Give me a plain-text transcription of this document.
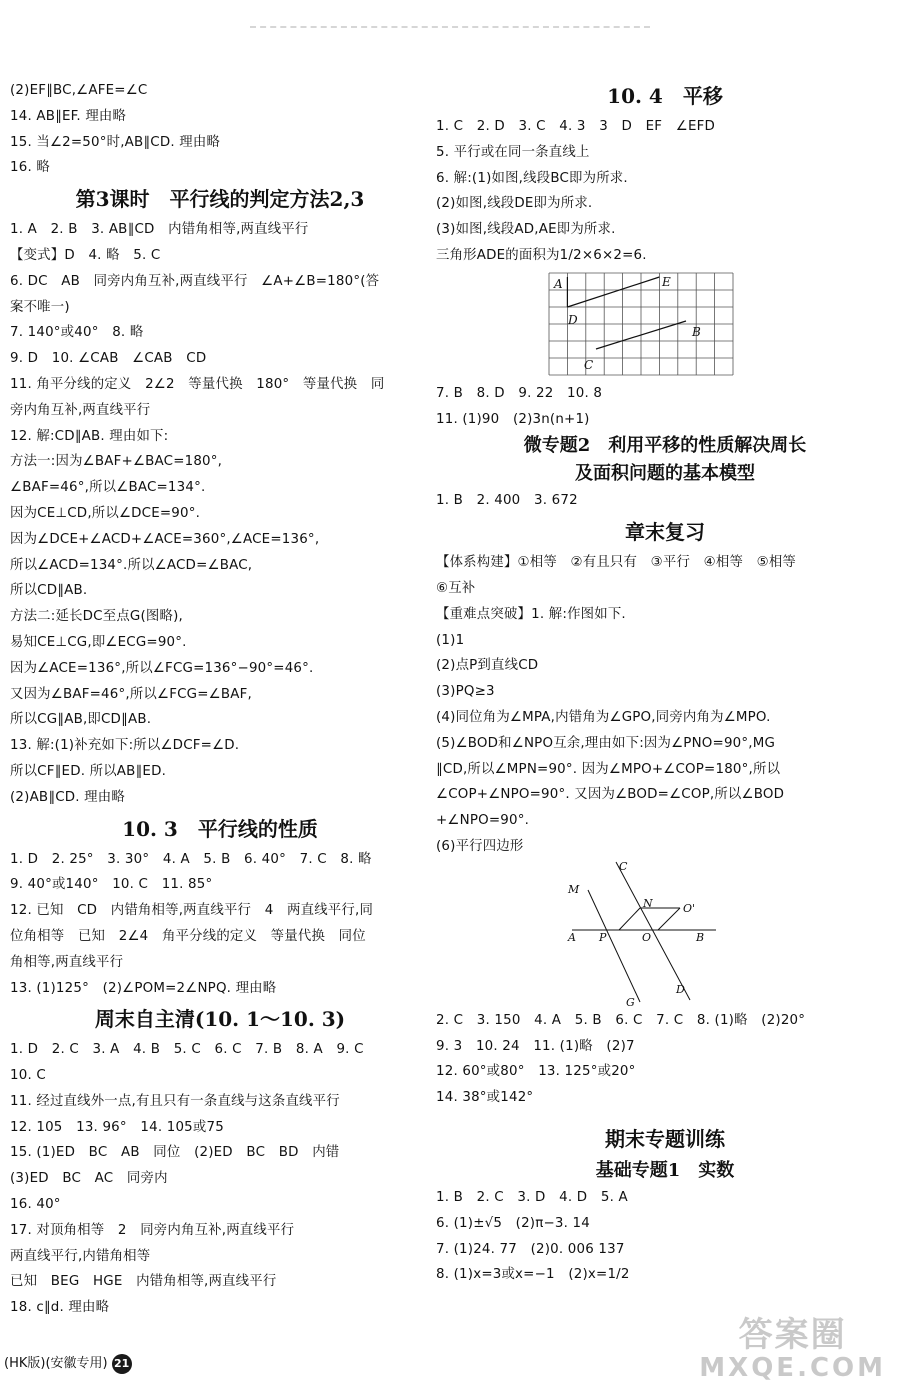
(2)EF∥BC,∠AFE=∠C
14. AB∥EF. 理由略
15. 当∠2=50°时,AB∥CD. 理由略
16. 略
第3课时　平行线的判定方法2,3
1. A　2. B　3. AB∥CD　内错角相等,两直线平行
【变式】D　4. 略　5. C
6. DC　AB　同旁内角互补,两直线平行　∠A+∠B=180°(答
案不唯一)
7. 140°或40°　8. 略
9. D　10. ∠CAB　∠CAB　CD
11. 角平分线的定义　2∠2　等量代换　180°　等量代换　同
旁内角互补,两直线平行
12. 解:CD∥AB. 理由如下:
方法一:因为∠BAF+∠BAC=180°,
∠BAF=46°,所以∠BAC=134°.
因为CE⊥CD,所以∠DCE=90°.
因为∠DCE+∠ACD+∠ACE=360°,∠ACE=136°,
所以∠ACD=134°.所以∠ACD=∠BAC,
所以CD∥AB.
方法二:延长DC至点G(图略),
易知CE⊥CG,即∠ECG=90°.
因为∠ACE=136°,所以∠FCG=136°−90°=46°.
又因为∠BAF=46°,所以∠FCG=∠BAF,
所以CG∥AB,即CD∥AB.
13. 解:(1)补充如下:所以∠DCF=∠D.
所以CF∥ED. 所以AB∥ED.
(2)AB∥CD. 理由略
10. 3　平行线的性质
1. D　2. 25°　3. 30°　4. A　5. B　6. 40°　7. C　8. 略
9. 40°或140°　10. C　11. 85°
12. 已知　CD　内错角相等,两直线平行　4　两直线平行,同
位角相等　已知　2∠4　角平分线的定义　等量代换　同位
角相等,两直线平行
13. (1)125°　(2)∠POM=2∠NPQ. 理由略
周末自主清(10. 1～10. 3)
1. D　2. C　3. A　4. B　5. C　6. C　7. B　8. A　9. C
10. C
11. 经过直线外一点,有且只有一条直线与这条直线平行
12. 105　13. 96°　14. 105或75
15. (1)ED　BC　AB　同位　(2)ED　BC　BD　内错
(3)ED　BC　AC　同旁内
16. 40°
17. 对顶角相等　2　同旁内角互补,两直线平行
两直线平行,内错角相等
已知　BEG　HGE　内错角相等,两直线平行
18. c∥d. 理由略
10. 4　平移
1. C　2. D　3. C　4. 3　3　D　EF　∠EFD
5. 平行或在同一条直线上
6. 解:(1)如图,线段BC即为所求.
(2)如图,线段DE即为所求.
(3)如图,线段AD,AE即为所求.
三角形ADE的面积为1/2×6×2=6.
A	E
D
B
C
7. B　8. D　9. 22　10. 8
11. (1)90　(2)3n(n+1)
微专题2　利用平移的性质解决周长
及面积问题的基本模型
1. B　2. 400　3. 672
章末复习
【体系构建】①相等　②有且只有　③平行　④相等　⑤相等
⑥互补
【重难点突破】1. 解:作图如下.
(1)1
(2)点P到直线CD
(3)PQ≥3
(4)同位角为∠MPA,内错角为∠GPO,同旁内角为∠MPO.
(5)∠BOD和∠NPO互余,理由如下:因为∠PNO=90°,MG
∥CD,所以∠MPN=90°. 因为∠MPO+∠COP=180°,所以
∠COP+∠NPO=90°. 又因为∠BOD=∠COP,所以∠BOD
+∠NPO=90°.
(6)平行四边形
C
M
N	O'
A P	O	B
G
D
2. C　3. 150　4. A　5. B　6. C　7. C　8. (1)略　(2)20°
9. 3　10. 24　11. (1)略　(2)7
12. 60°或80°　13. 125°或20°
14. 38°或142°
期末专题训练
基础专题1　实数
1. B　2. C　3. D　4. D　5. A
6. (1)±√5　(2)π−3. 14
7. (1)24. 77　(2)0. 006 137
8. (1)x=3或x=−1　(2)x=1/2
(HK版)(安徽专用) 21
答案圈
MXQE.COM
